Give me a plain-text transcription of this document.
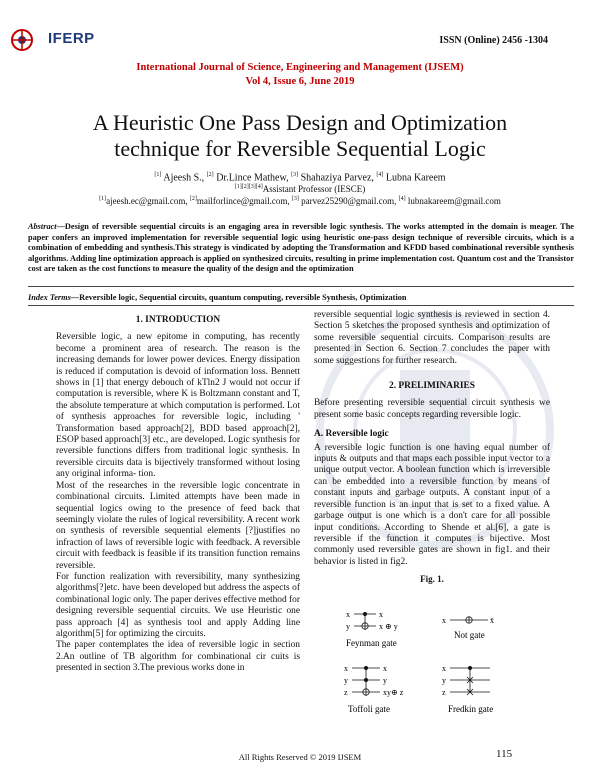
IFERP	ISSN (Online) 2456 -1304
International Journal of Science, Engineering and Management (IJSEM)
Vol 4, Issue 6, June 2019
A Heuristic One Pass Design and Optimization technique for Reversible Sequential Logic
[1] Ajeesh S., [2] Dr.Lince Mathew, [3] Shahaziya Parvez, [4] Lubna Kareem
[1][2][3][4]Assistant Professor (IESCE)
[1]ajeesh.ec@gmail.com, [2]mailforlince@gmail.com, [3] parvez25290@gmail.com, [4] lubnakareem@gmail.com
Abstract—Design of reversible sequential circuits is an engaging area in reversible logic synthesis. The works attempted in the domain is meager. The paper confers an improved implementation for reversible sequential logic using heuristic one-pass design technique of reversible circuits, which is a combination of embedding and synthesis.This strategy is vindicated by adopting the Transformation and KFDD based combinational reversible synthesis algorithms. Adding line optimization approach is applied on synthesized circuits, resulting in prime implementation cost. Quantum cost and the Transistor cost are taken as the cost functions to measure the quality of the design and the optimization
Index Terms—Reversible logic, Sequential circuits, quantum computing, reversible Synthesis, Optimization
1. INTRODUCTION

Reversible logic, a new epitome in computing, has recently become a prominent area of research. The reason is the increasing demands for lower power devices. Energy dissipation is reduced if computation is devoid of information loss. Bennett shows in [1] that energy debouch of kTln2 J would not occur if computation is reversible, where K is Boltzmann constant and T, the absolute temperature at which computation is performed. Lot of synthesis approaches for reversible logic, including ' Transformation based approach[2], BDD based approach[2], ESOP based approach[3] etc., are developed. Logic synthesis for reversible functions differs from traditional logic synthesis. In reversible circuits data is bijectively transformed without losing any original informa- tion.

Most of the researches in the reversible logic concentrate in combinational circuits. Limited attempts have been made in sequential logics owing to the presence of feed back that seemingly violate the rules of logical reversibility. A recent work on synthesis of reversible sequential elements [?]justifies no infraction of laws of reversible logic with feedback. A reversible circuit with feedback is feasible if its transition function remains reversible.

For function realization with reversibility, many synthesizing algorithms[?]etc. have been developed but address the aspects of combinational logic only. The paper derives effective method for designing reversible sequential circuits. We use Heuristic one pass approach [4] as synthesis tool and apply Adding line algorithm[5] for optimizing the circuits.

The paper contemplates the idea of reversible logic in section 2.An outline of TB algorithm for combinational cir cuits is presented in section 3.The previous works done in

reversible sequential logic synthesis is reviewed in section 4. Section 5 sketches the proposed synthesis and optimization of some reversible sequential circuits. Comparison results are presented in Section 6. Section 7 concludes the paper with some suggestions for further research.

2. PRELIMINARIES

Before presenting reversible sequential circuit synthesis we present some basic concepts regarding reversible logic.

A. Reversible logic

A reversible logic function is one having equal number of inputs & outputs and that maps each possible input vector to a unique output vector. A boolean function which is irreversible can be embedded into a reversible function by means of constant inputs and garbage outputs. A constant input of a reversible function is an input that is set to a fixed value. A garbage output is one which is a don't care for all possible input conditions. According to Shende et al.[6], a gate is reversible if the function it computes is bijective. Most commonly used reversible gates are shown in fig1. and their behavior is listed in fig2.

Fig. 1.
x
y
x
x ⊕ y
Feynman gate
x	x̄
Not gate
x
y
z
x
y
xy⊕ z
Toffoli gate
x
y
z
Fredkin gate
All Rights Reserved © 2019 IJSEM	115
